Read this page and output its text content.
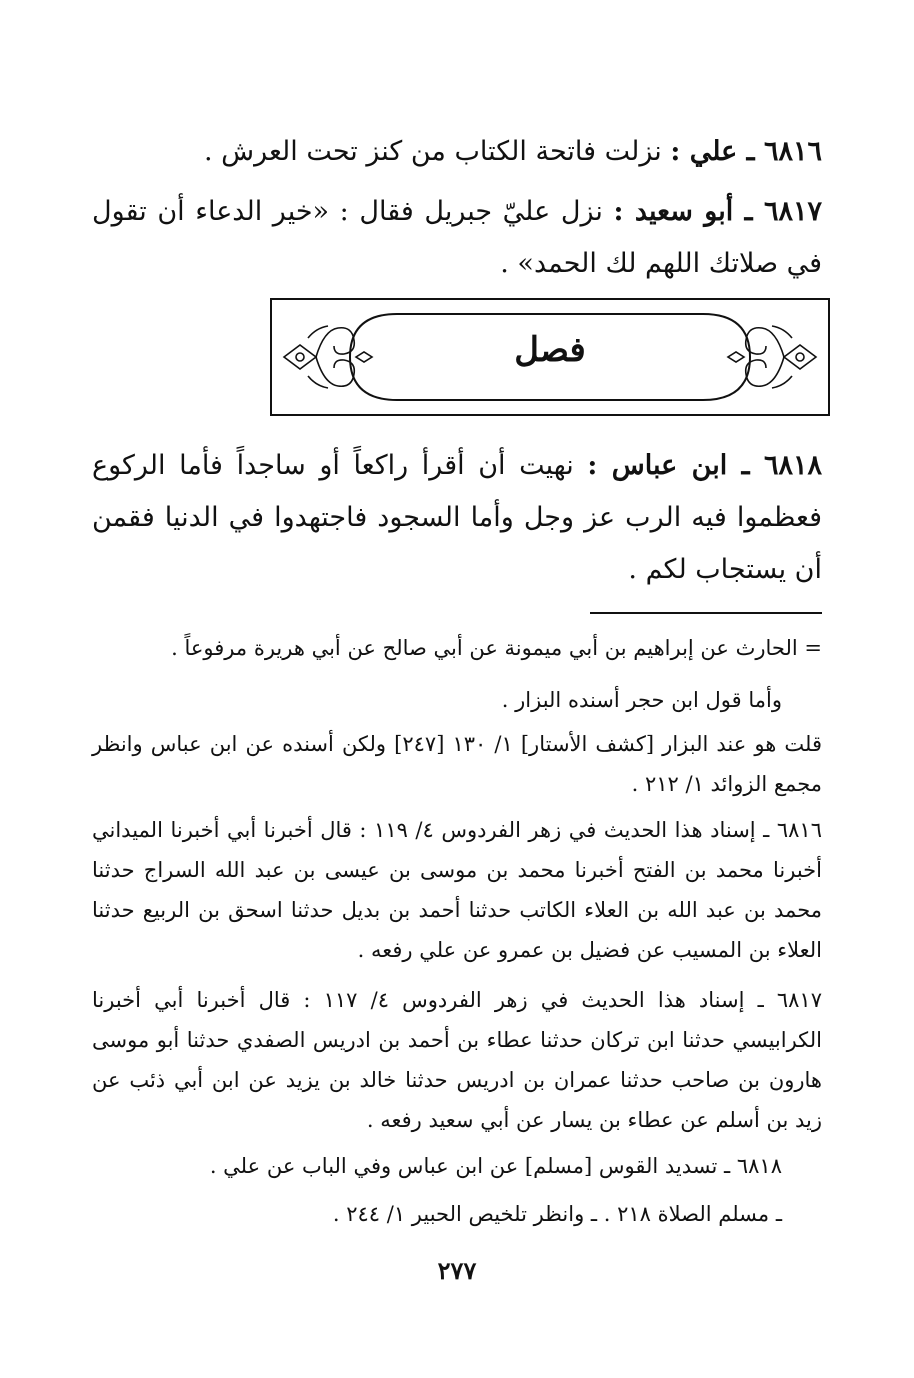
٦٨١٦ ـ علي : نزلت فاتحة الكتاب من كنز تحت العرش .

٦٨١٧ ـ أبو سعيد : نزل عليّ جبريل فقال : «خير الدعاء أن تقول في صلاتك اللهم لك الحمد» .

فصل

٦٨١٨ ـ ابن عباس : نهيت أن أقرأ راكعاً أو ساجداً فأما الركوع فعظموا فيه الرب عز وجل وأما السجود فاجتهدوا في الدنيا فقمن أن يستجاب لكم .

= الحارث عن إبراهيم بن أبي ميمونة عن أبي صالح عن أبي هريرة مرفوعاً .

وأما قول ابن حجر أسنده البزار .

قلت هو عند البزار [كشف الأستار] ١/ ١٣٠ [٢٤٧] ولكن أسنده عن ابن عباس وانظر مجمع الزوائد ١/ ٢١٢ .

٦٨١٦ ـ إسناد هذا الحديث في زهر الفردوس ٤/ ١١٩ : قال أخبرنا أبي أخبرنا الميداني أخبرنا محمد بن الفتح أخبرنا محمد بن موسى بن عيسى بن عبد الله السراج حدثنا محمد بن عبد الله بن العلاء الكاتب حدثنا أحمد بن بديل حدثنا اسحق بن الربيع حدثنا العلاء بن المسيب عن فضيل بن عمرو عن علي رفعه .

٦٨١٧ ـ إسناد هذا الحديث في زهر الفردوس ٤/ ١١٧ : قال أخبرنا أبي أخبرنا الكرابيسي حدثنا ابن تركان حدثنا عطاء بن أحمد بن ادريس الصفدي حدثنا أبو موسى هارون بن صاحب حدثنا عمران بن ادريس حدثنا خالد بن يزيد عن ابن أبي ذئب عن زيد بن أسلم عن عطاء بن يسار عن أبي سعيد رفعه .

٦٨١٨ ـ تسديد القوس [مسلم] عن ابن عباس وفي الباب عن علي .

ـ مسلم الصلاة ٢١٨ . ـ وانظر تلخيص الحبير ١/ ٢٤٤ .

٢٧٧
